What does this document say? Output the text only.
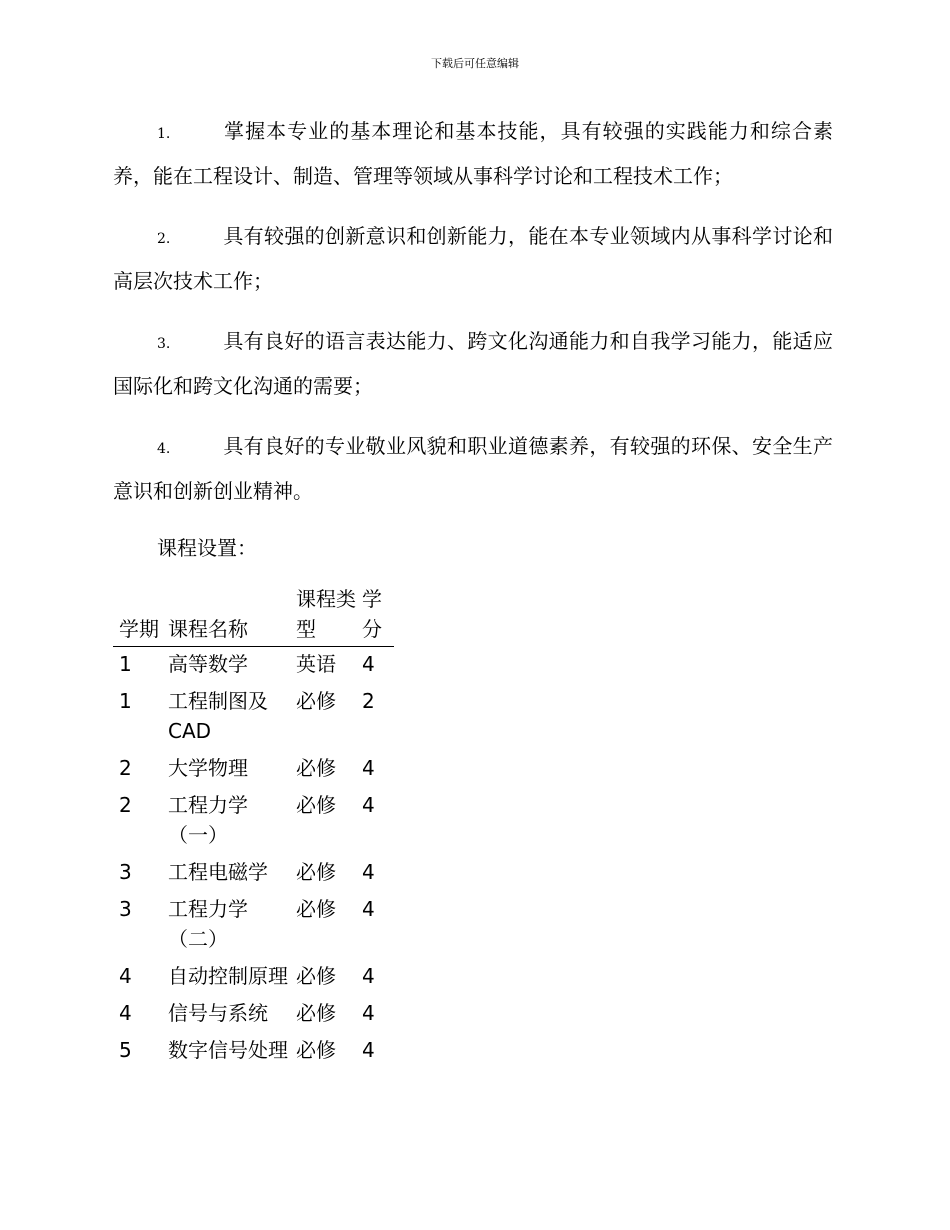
下载后可任意编辑

1.	掌握本专业的基本理论和基本技能，具有较强的实践能力和综合素养，能在工程设计、制造、管理等领域从事科学讨论和工程技术工作；

2.	具有较强的创新意识和创新能力，能在本专业领域内从事科学讨论和高层次技术工作；

3.	具有良好的语言表达能力、跨文化沟通能力和自我学习能力，能适应国际化和跨文化沟通的需要；

4.	具有良好的专业敬业风貌和职业道德素养，有较强的环保、安全生产意识和创新创业精神。

课程设置：
学期	课程名称	课程类型	学分
1	高等数学	英语	4
1	工程制图及CAD	必修	2
2	大学物理	必修	4
2	工程力学（一）	必修	4
3	工程电磁学	必修	4
3	工程力学（二）	必修	4
4	自动控制原理	必修	4
4	信号与系统	必修	4
5	数字信号处理	必修	4
